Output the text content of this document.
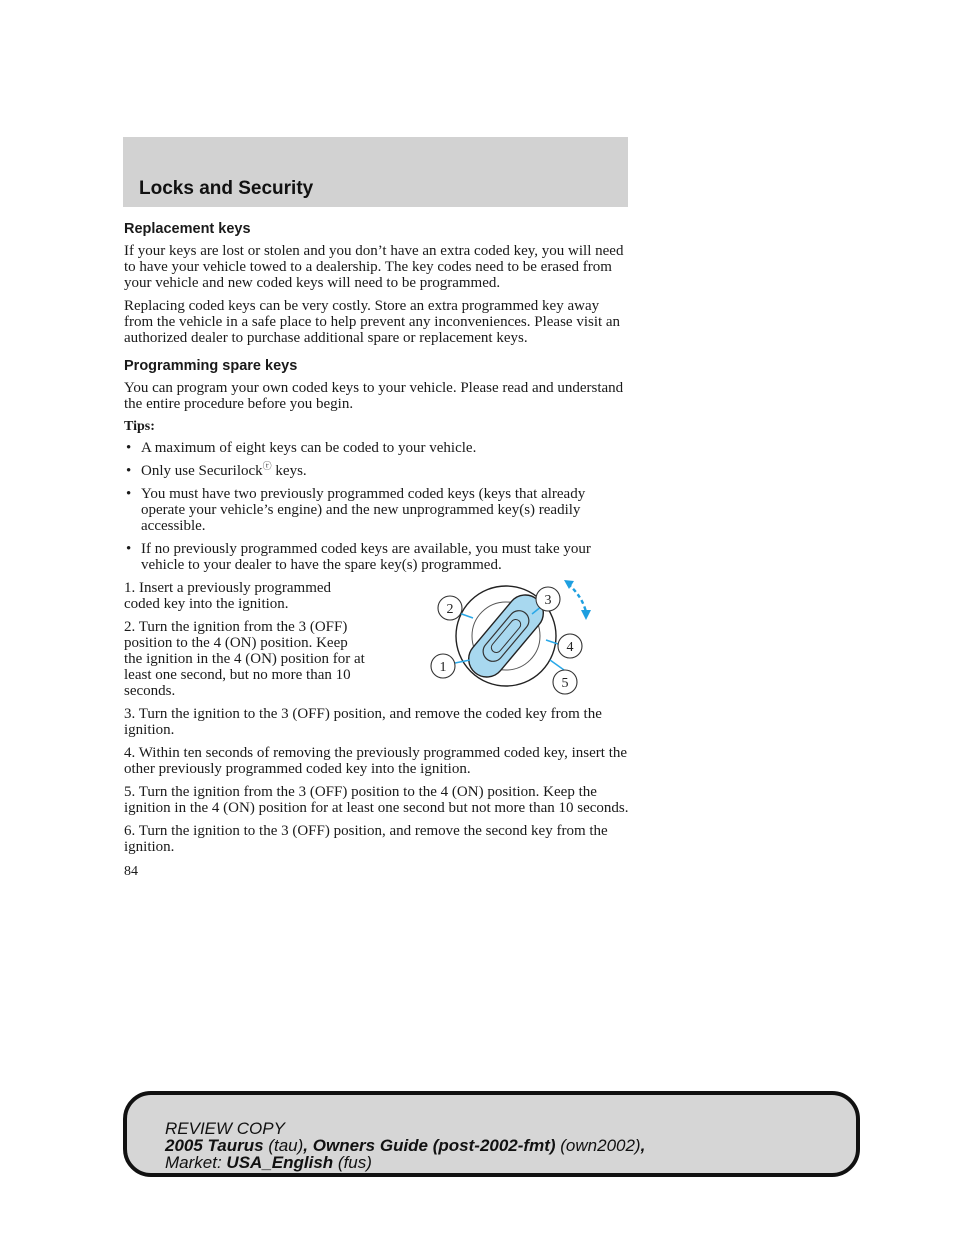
Locks and Security
Replacement keys

If your keys are lost or stolen and you don’t have an extra coded key, you will need to have your vehicle towed to a dealership. The key codes need to be erased from your vehicle and new coded keys will need to be programmed.

Replacing coded keys can be very costly. Store an extra programmed key away from the vehicle in a safe place to help prevent any inconveniences. Please visit an authorized dealer to purchase additional spare or replacement keys.

Programming spare keys

You can program your own coded keys to your vehicle. Please read and understand the entire procedure before you begin.

Tips:
• A maximum of eight keys can be coded to your vehicle.
• Only use Securilockⓡ keys.
• You must have two previously programmed coded keys (keys that already operate your vehicle’s engine) and the new unprogrammed key(s) readily accessible.
• If no previously programmed coded keys are available, you must take your vehicle to your dealer to have the spare key(s) programmed.

1. Insert a previously programmed coded key into the ignition.

2. Turn the ignition from the 3 (OFF) position to the 4 (ON) position. Keep the ignition in the 4 (ON) position for at least one second, but no more than 10 seconds.

2
3
4
5
1

3. Turn the ignition to the 3 (OFF) position, and remove the coded key from the ignition.

4. Within ten seconds of removing the previously programmed coded key, insert the other previously programmed coded key into the ignition.

5. Turn the ignition from the 3 (OFF) position to the 4 (ON) position. Keep the ignition in the 4 (ON) position for at least one second but not more than 10 seconds.

6. Turn the ignition to the 3 (OFF) position, and remove the second key from the ignition.

84
REVIEW COPY
2005 Taurus (tau), Owners Guide (post-2002-fmt) (own2002),
Market: USA_English (fus)
